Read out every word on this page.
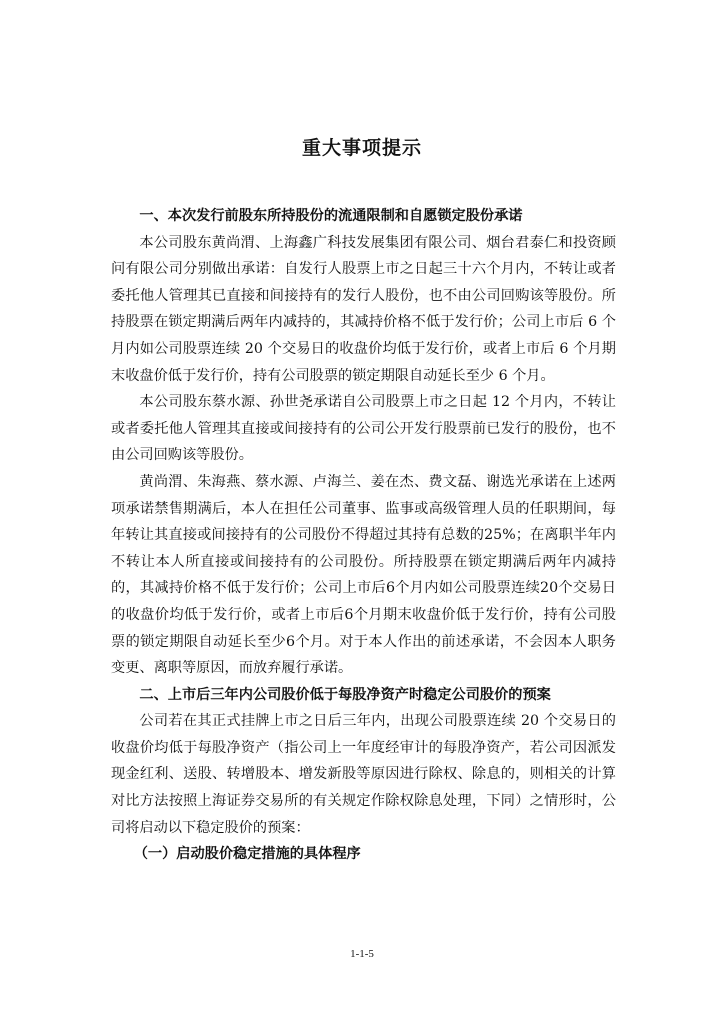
重大事项提示
一、本次发行前股东所持股份的流通限制和自愿锁定股份承诺

本公司股东黄尚渭、上海鑫广科技发展集团有限公司、烟台君泰仁和投资顾问有限公司分别做出承诺：自发行人股票上市之日起三十六个月内，不转让或者委托他人管理其已直接和间接持有的发行人股份，也不由公司回购该等股份。所持股票在锁定期满后两年内减持的，其减持价格不低于发行价；公司上市后 6 个月内如公司股票连续 20 个交易日的收盘价均低于发行价，或者上市后 6 个月期末收盘价低于发行价，持有公司股票的锁定期限自动延长至少 6 个月。

本公司股东蔡水源、孙世尧承诺自公司股票上市之日起 12 个月内，不转让或者委托他人管理其直接或间接持有的公司公开发行股票前已发行的股份，也不由公司回购该等股份。

黄尚渭、朱海燕、蔡水源、卢海兰、姜在杰、费文磊、谢选光承诺在上述两项承诺禁售期满后，本人在担任公司董事、监事或高级管理人员的任职期间，每年转让其直接或间接持有的公司股份不得超过其持有总数的25%；在离职半年内不转让本人所直接或间接持有的公司股份。所持股票在锁定期满后两年内减持的，其减持价格不低于发行价；公司上市后6个月内如公司股票连续20个交易日的收盘价均低于发行价，或者上市后6个月期末收盘价低于发行价，持有公司股票的锁定期限自动延长至少6个月。对于本人作出的前述承诺，不会因本人职务变更、离职等原因，而放弃履行承诺。

二、上市后三年内公司股价低于每股净资产时稳定公司股价的预案

公司若在其正式挂牌上市之日后三年内，出现公司股票连续 20 个交易日的收盘价均低于每股净资产（指公司上一年度经审计的每股净资产，若公司因派发现金红利、送股、转增股本、增发新股等原因进行除权、除息的，则相关的计算对比方法按照上海证券交易所的有关规定作除权除息处理，下同）之情形时，公司将启动以下稳定股价的预案：

（一）启动股价稳定措施的具体程序
1-1-5
